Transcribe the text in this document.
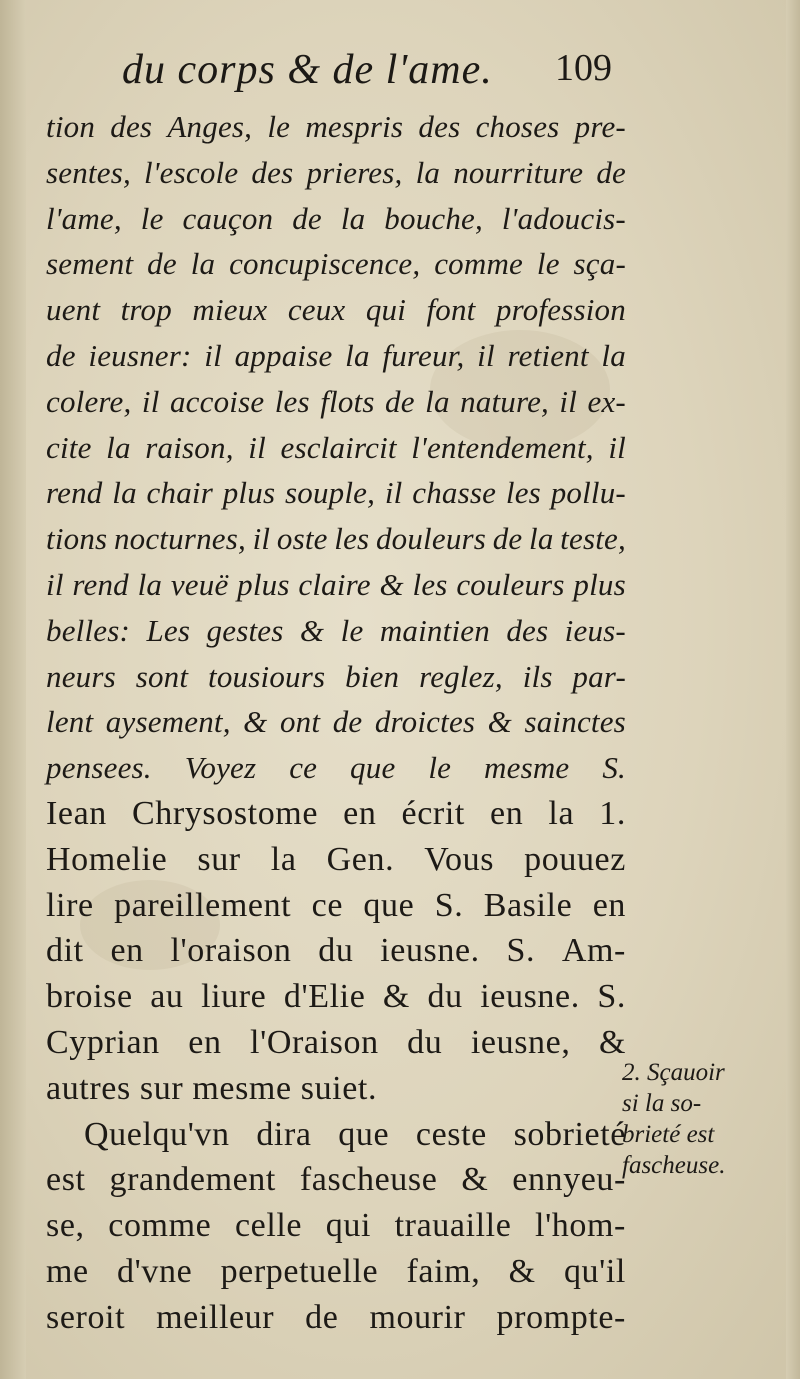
du corps & de l'ame. 109
tion des Anges, le mespris des choses pre-
sentes, l'escole des prieres, la nourriture de
l'ame, le cauçon de la bouche, l'adoucis-
sement de la concupiscence, comme le sça-
uent trop mieux ceux qui font profession
de ieusner: il appaise la fureur, il retient la
colere, il accoise les flots de la nature, il ex-
cite la raison, il esclaircit l'entendement, il
rend la chair plus souple, il chasse les pollu-
tions nocturnes, il oste les douleurs de la teste,
il rend la veuë plus claire & les couleurs plus
belles: Les gestes & le maintien des ieus-
neurs sont tousiours bien reglez, ils par-
lent aysement, & ont de droictes & sainctes
pensees. Voyez ce que le mesme S.
Iean Chrysostome en écrit en la 1.
Homelie sur la Gen. Vous pouuez
lire pareillement ce que S. Basile en
dit en l'oraison du ieusne. S. Am-
broise au liure d'Elie & du ieusne. S.
Cyprian en l'Oraison du ieusne, &
autres sur mesme suiet.
Quelqu'vn dira que ceste sobrieté
est grandement fascheuse & ennyeu-
se, comme celle qui trauaille l'hom-
me d'vne perpetuelle faim, & qu'il
seroit meilleur de mourir prompte-
2. Sçauoir
si la so-
brieté est
fascheuse.
